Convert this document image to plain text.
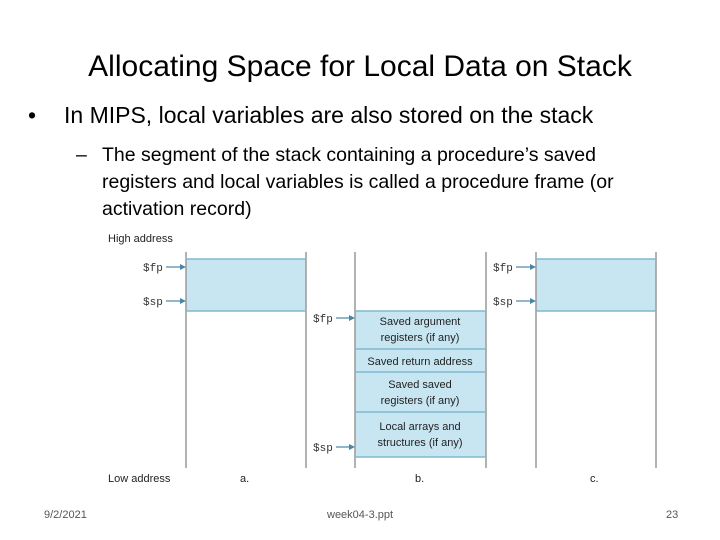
Allocating Space for Local Data on Stack
• In MIPS, local variables are also stored on the stack
– The segment of the stack containing a procedure’s saved registers and local variables is called a procedure frame (or activation record)
High address
Low address
$fp
$sp
$fp
$sp
$fp
$sp
Saved argument
registers (if any)
Saved return address
Saved saved
registers (if any)
Local arrays and
structures (if any)
a.	b.	c.
9/2/2021	week04-3.ppt	23
